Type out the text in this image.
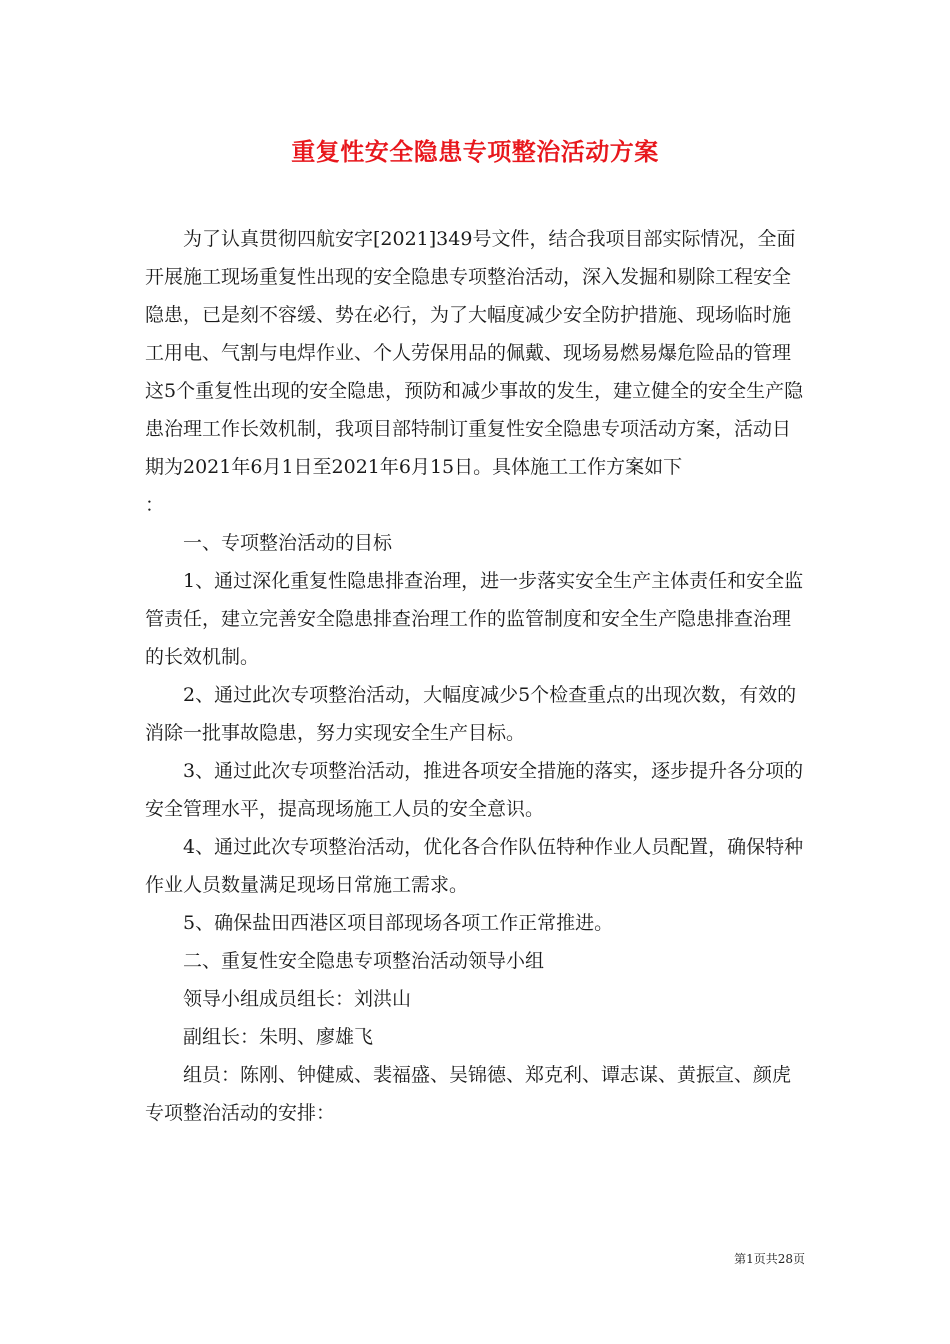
重复性安全隐患专项整治活动方案

为了认真贯彻四航安字[2021]349号文件，结合我项目部实际情况，全面开展施工现场重复性出现的安全隐患专项整治活动，深入发掘和剔除工程安全隐患，已是刻不容缓、势在必行，为了大幅度减少安全防护措施、现场临时施工用电、气割与电焊作业、个人劳保用品的佩戴、现场易燃易爆危险品的管理这5个重复性出现的安全隐患，预防和减少事故的发生，建立健全的安全生产隐患治理工作长效机制，我项目部特制订重复性安全隐患专项活动方案，活动日期为2021年6月1日至2021年6月15日。具体施工工作方案如下

：

一、专项整治活动的目标

1、通过深化重复性隐患排查治理，进一步落实安全生产主体责任和安全监管责任，建立完善安全隐患排查治理工作的监管制度和安全生产隐患排查治理的长效机制。

2、通过此次专项整治活动，大幅度减少5个检查重点的出现次数，有效的消除一批事故隐患，努力实现安全生产目标。

3、通过此次专项整治活动，推进各项安全措施的落实，逐步提升各分项的安全管理水平，提高现场施工人员的安全意识。

4、通过此次专项整治活动，优化各合作队伍特种作业人员配置，确保特种作业人员数量满足现场日常施工需求。

5、确保盐田西港区项目部现场各项工作正常推进。

二、重复性安全隐患专项整治活动领导小组

领导小组成员组长：刘洪山

副组长：朱明、廖雄飞

组员：陈刚、钟健威、裴福盛、吴锦德、郑克利、谭志谋、黄振宣、颜虎专项整治活动的安排：

第1页共28页
